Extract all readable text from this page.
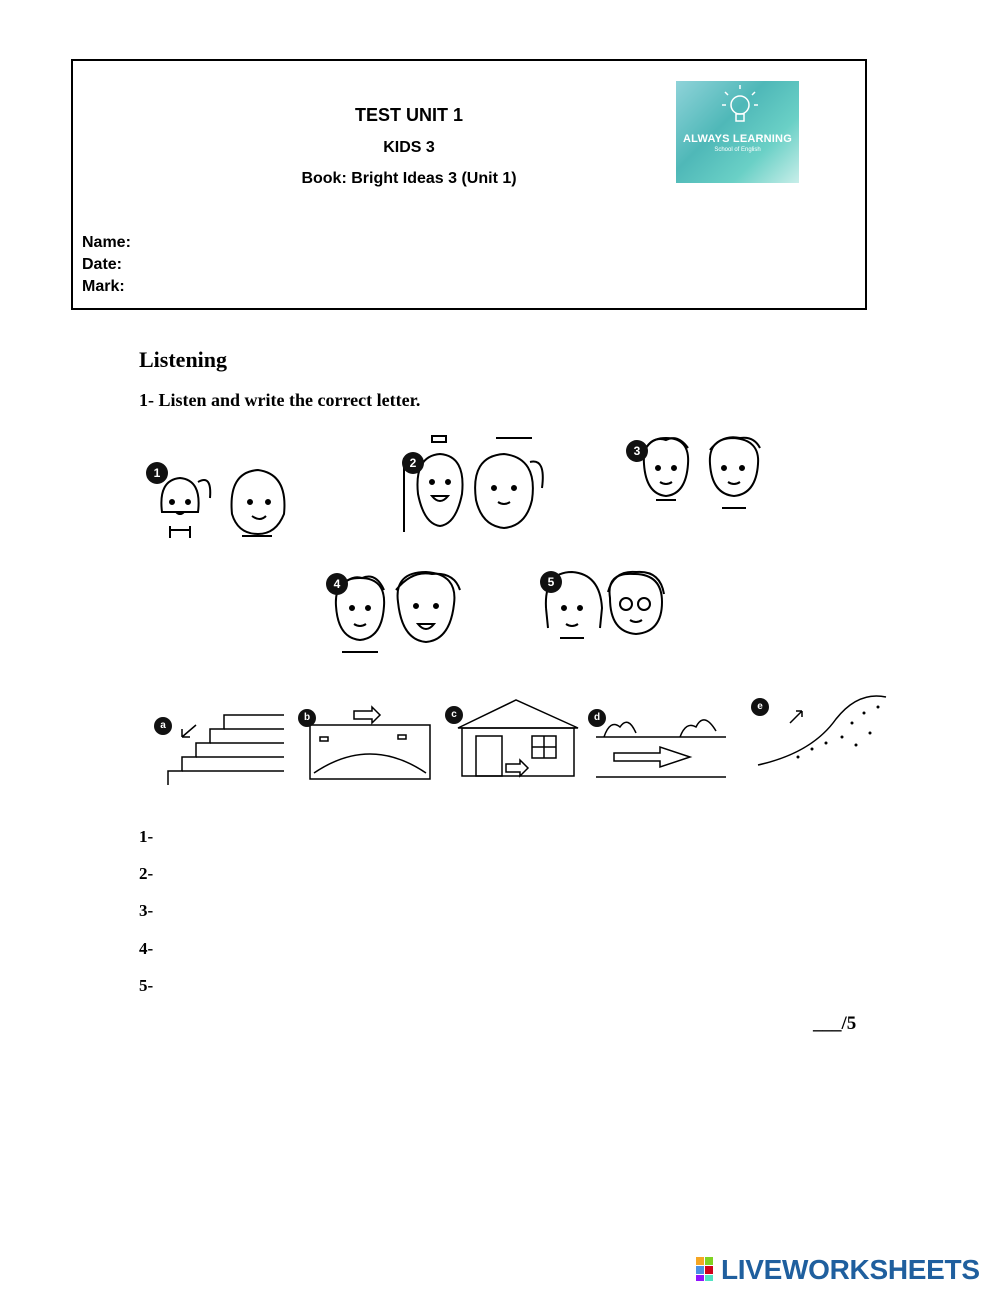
TEST UNIT 1
KIDS 3
Book: Bright Ideas 3 (Unit 1)
Name:
Date:
Mark:
ALWAYS LEARNING
School of English
Listening
1- Listen and write the correct letter.
1
2
3
4	5
a
b	c	d
e
1-
2-
3-
4-
5-
___/5
LIVEWORKSHEETS
